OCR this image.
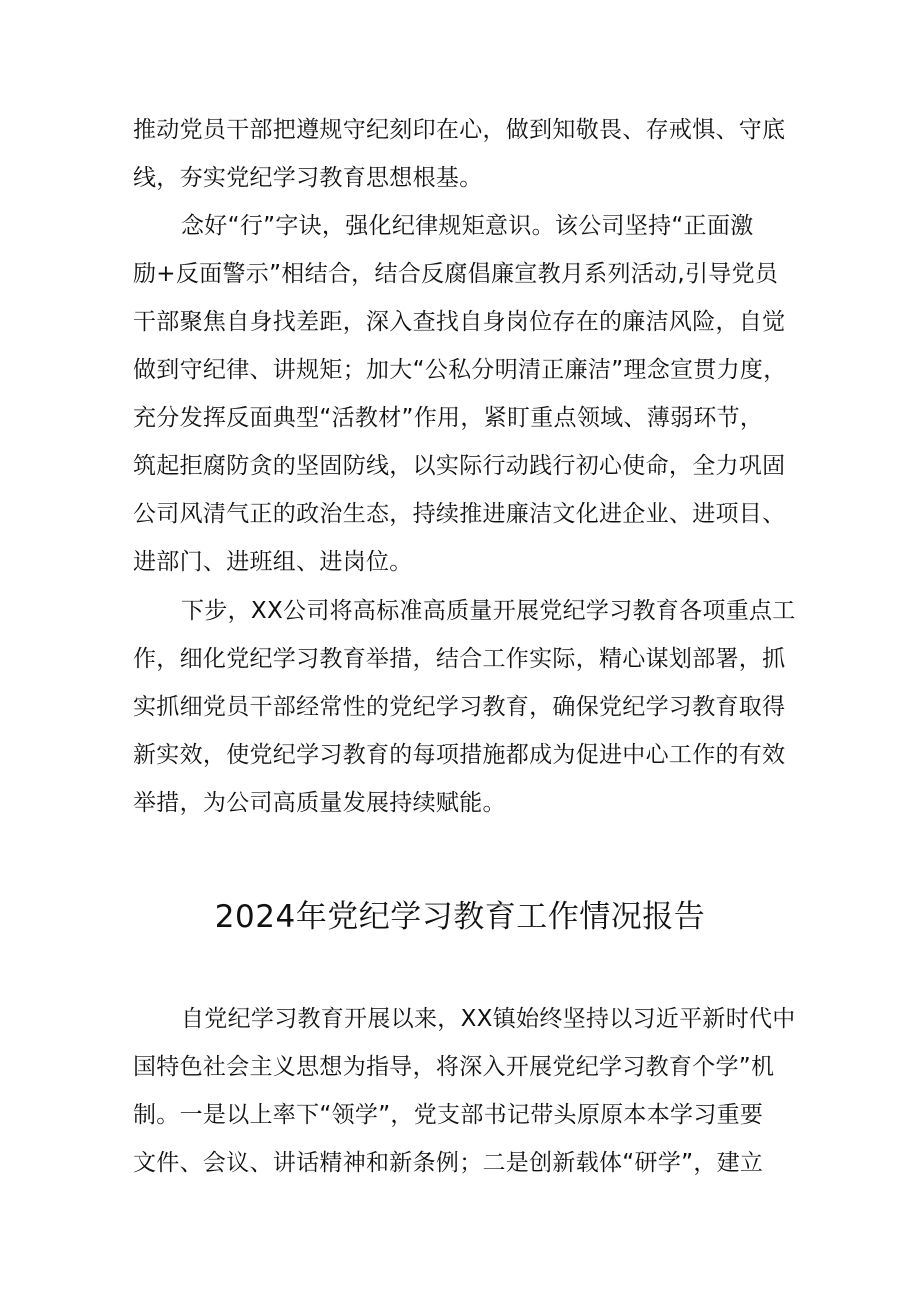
推动党员干部把遵规守纪刻印在心，做到知敬畏、存戒惧、守底
线，夯实党纪学习教育思想根基。
念好“行”字诀，强化纪律规矩意识。该公司坚持“正面激
励+反面警示”相结合，结合反腐倡廉宣教月系列活动,引导党员
干部聚焦自身找差距，深入查找自身岗位存在的廉洁风险，自觉
做到守纪律、讲规矩；加大“公私分明清正廉洁”理念宣贯力度，
充分发挥反面典型“活教材”作用，紧盯重点领域、薄弱环节，
筑起拒腐防贪的坚固防线，以实际行动践行初心使命，全力巩固
公司风清气正的政治生态，持续推进廉洁文化进企业、进项目、
进部门、进班组、进岗位。
下步，XX公司将高标准高质量开展党纪学习教育各项重点工
作，细化党纪学习教育举措，结合工作实际，精心谋划部署，抓
实抓细党员干部经常性的党纪学习教育，确保党纪学习教育取得
新实效，使党纪学习教育的每项措施都成为促进中心工作的有效
举措，为公司高质量发展持续赋能。
2024年党纪学习教育工作情况报告
自党纪学习教育开展以来，XX镇始终坚持以习近平新时代中
国特色社会主义思想为指导，将深入开展党纪学习教育个学”机
制。一是以上率下“领学”，党支部书记带头原原本本学习重要
文件、会议、讲话精神和新条例；二是创新载体“研学”，建立
